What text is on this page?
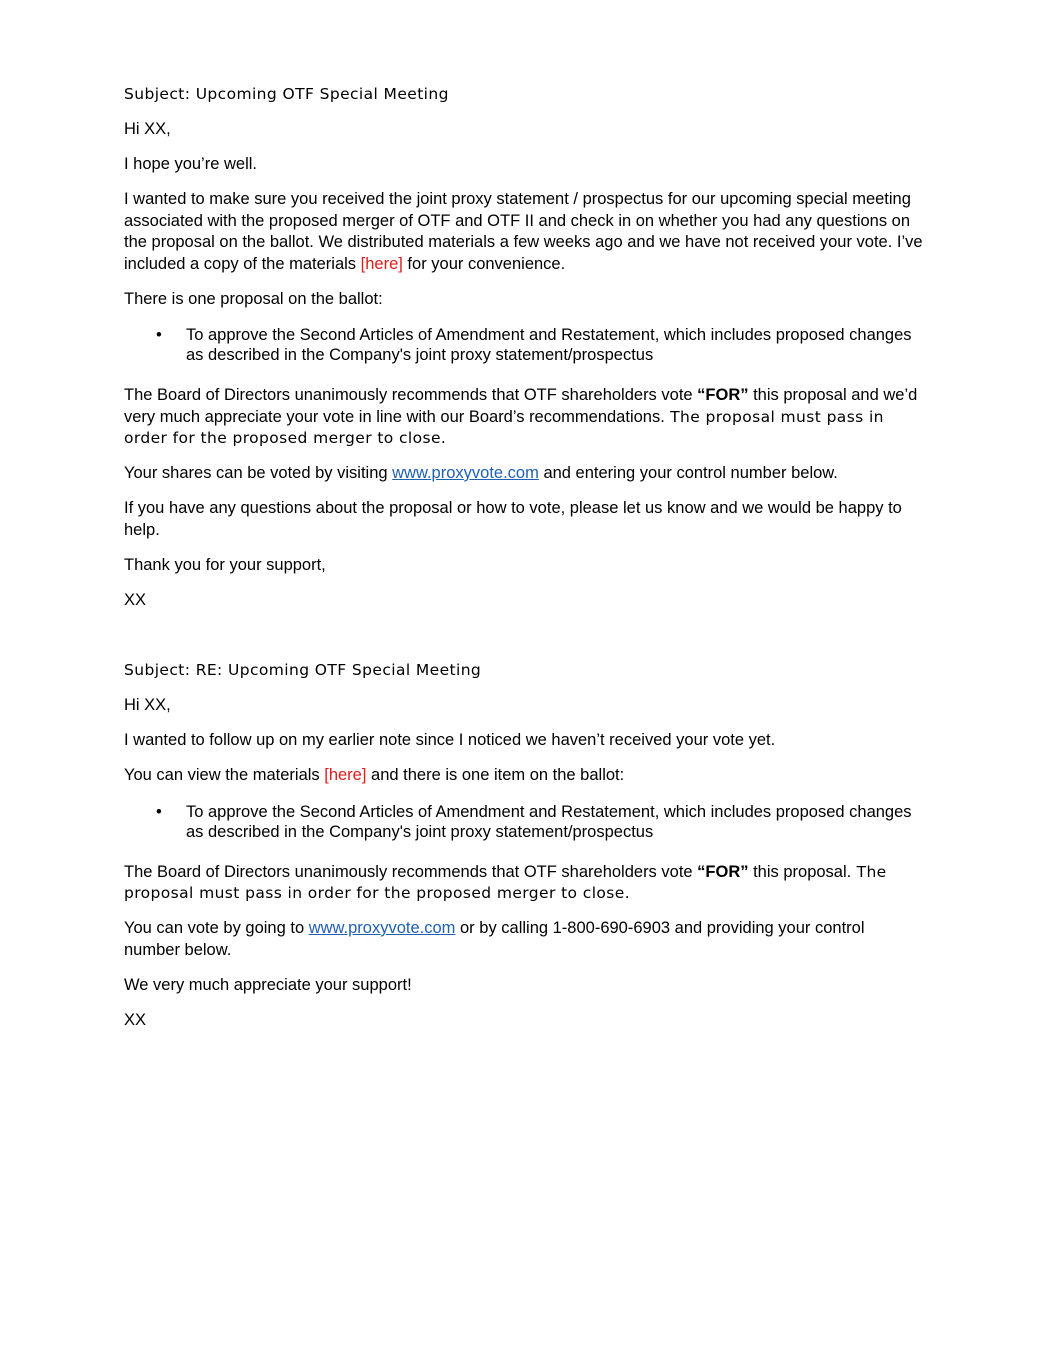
Subject: Upcoming OTF Special Meeting

Hi XX,

I hope you’re well.

I wanted to make sure you received the joint proxy statement / prospectus for our upcoming special meeting associated with the proposed merger of OTF and OTF II and check in on whether you had any questions on the proposal on the ballot. We distributed materials a few weeks ago and we have not received your vote. I’ve included a copy of the materials [here] for your convenience.

There is one proposal on the ballot:

• To approve the Second Articles of Amendment and Restatement, which includes proposed changes as described in the Company's joint proxy statement/prospectus

The Board of Directors unanimously recommends that OTF shareholders vote “FOR” this proposal and we’d very much appreciate your vote in line with our Board’s recommendations. The proposal must pass in order for the proposed merger to close.

Your shares can be voted by visiting www.proxyvote.com and entering your control number below.

If you have any questions about the proposal or how to vote, please let us know and we would be happy to help.

Thank you for your support,

XX

Subject: RE: Upcoming OTF Special Meeting

Hi XX,

I wanted to follow up on my earlier note since I noticed we haven’t received your vote yet.

You can view the materials [here] and there is one item on the ballot:

• To approve the Second Articles of Amendment and Restatement, which includes proposed changes as described in the Company's joint proxy statement/prospectus

The Board of Directors unanimously recommends that OTF shareholders vote “FOR” this proposal. The proposal must pass in order for the proposed merger to close.

You can vote by going to www.proxyvote.com or by calling 1-800-690-6903 and providing your control number below.

We very much appreciate your support!

XX
